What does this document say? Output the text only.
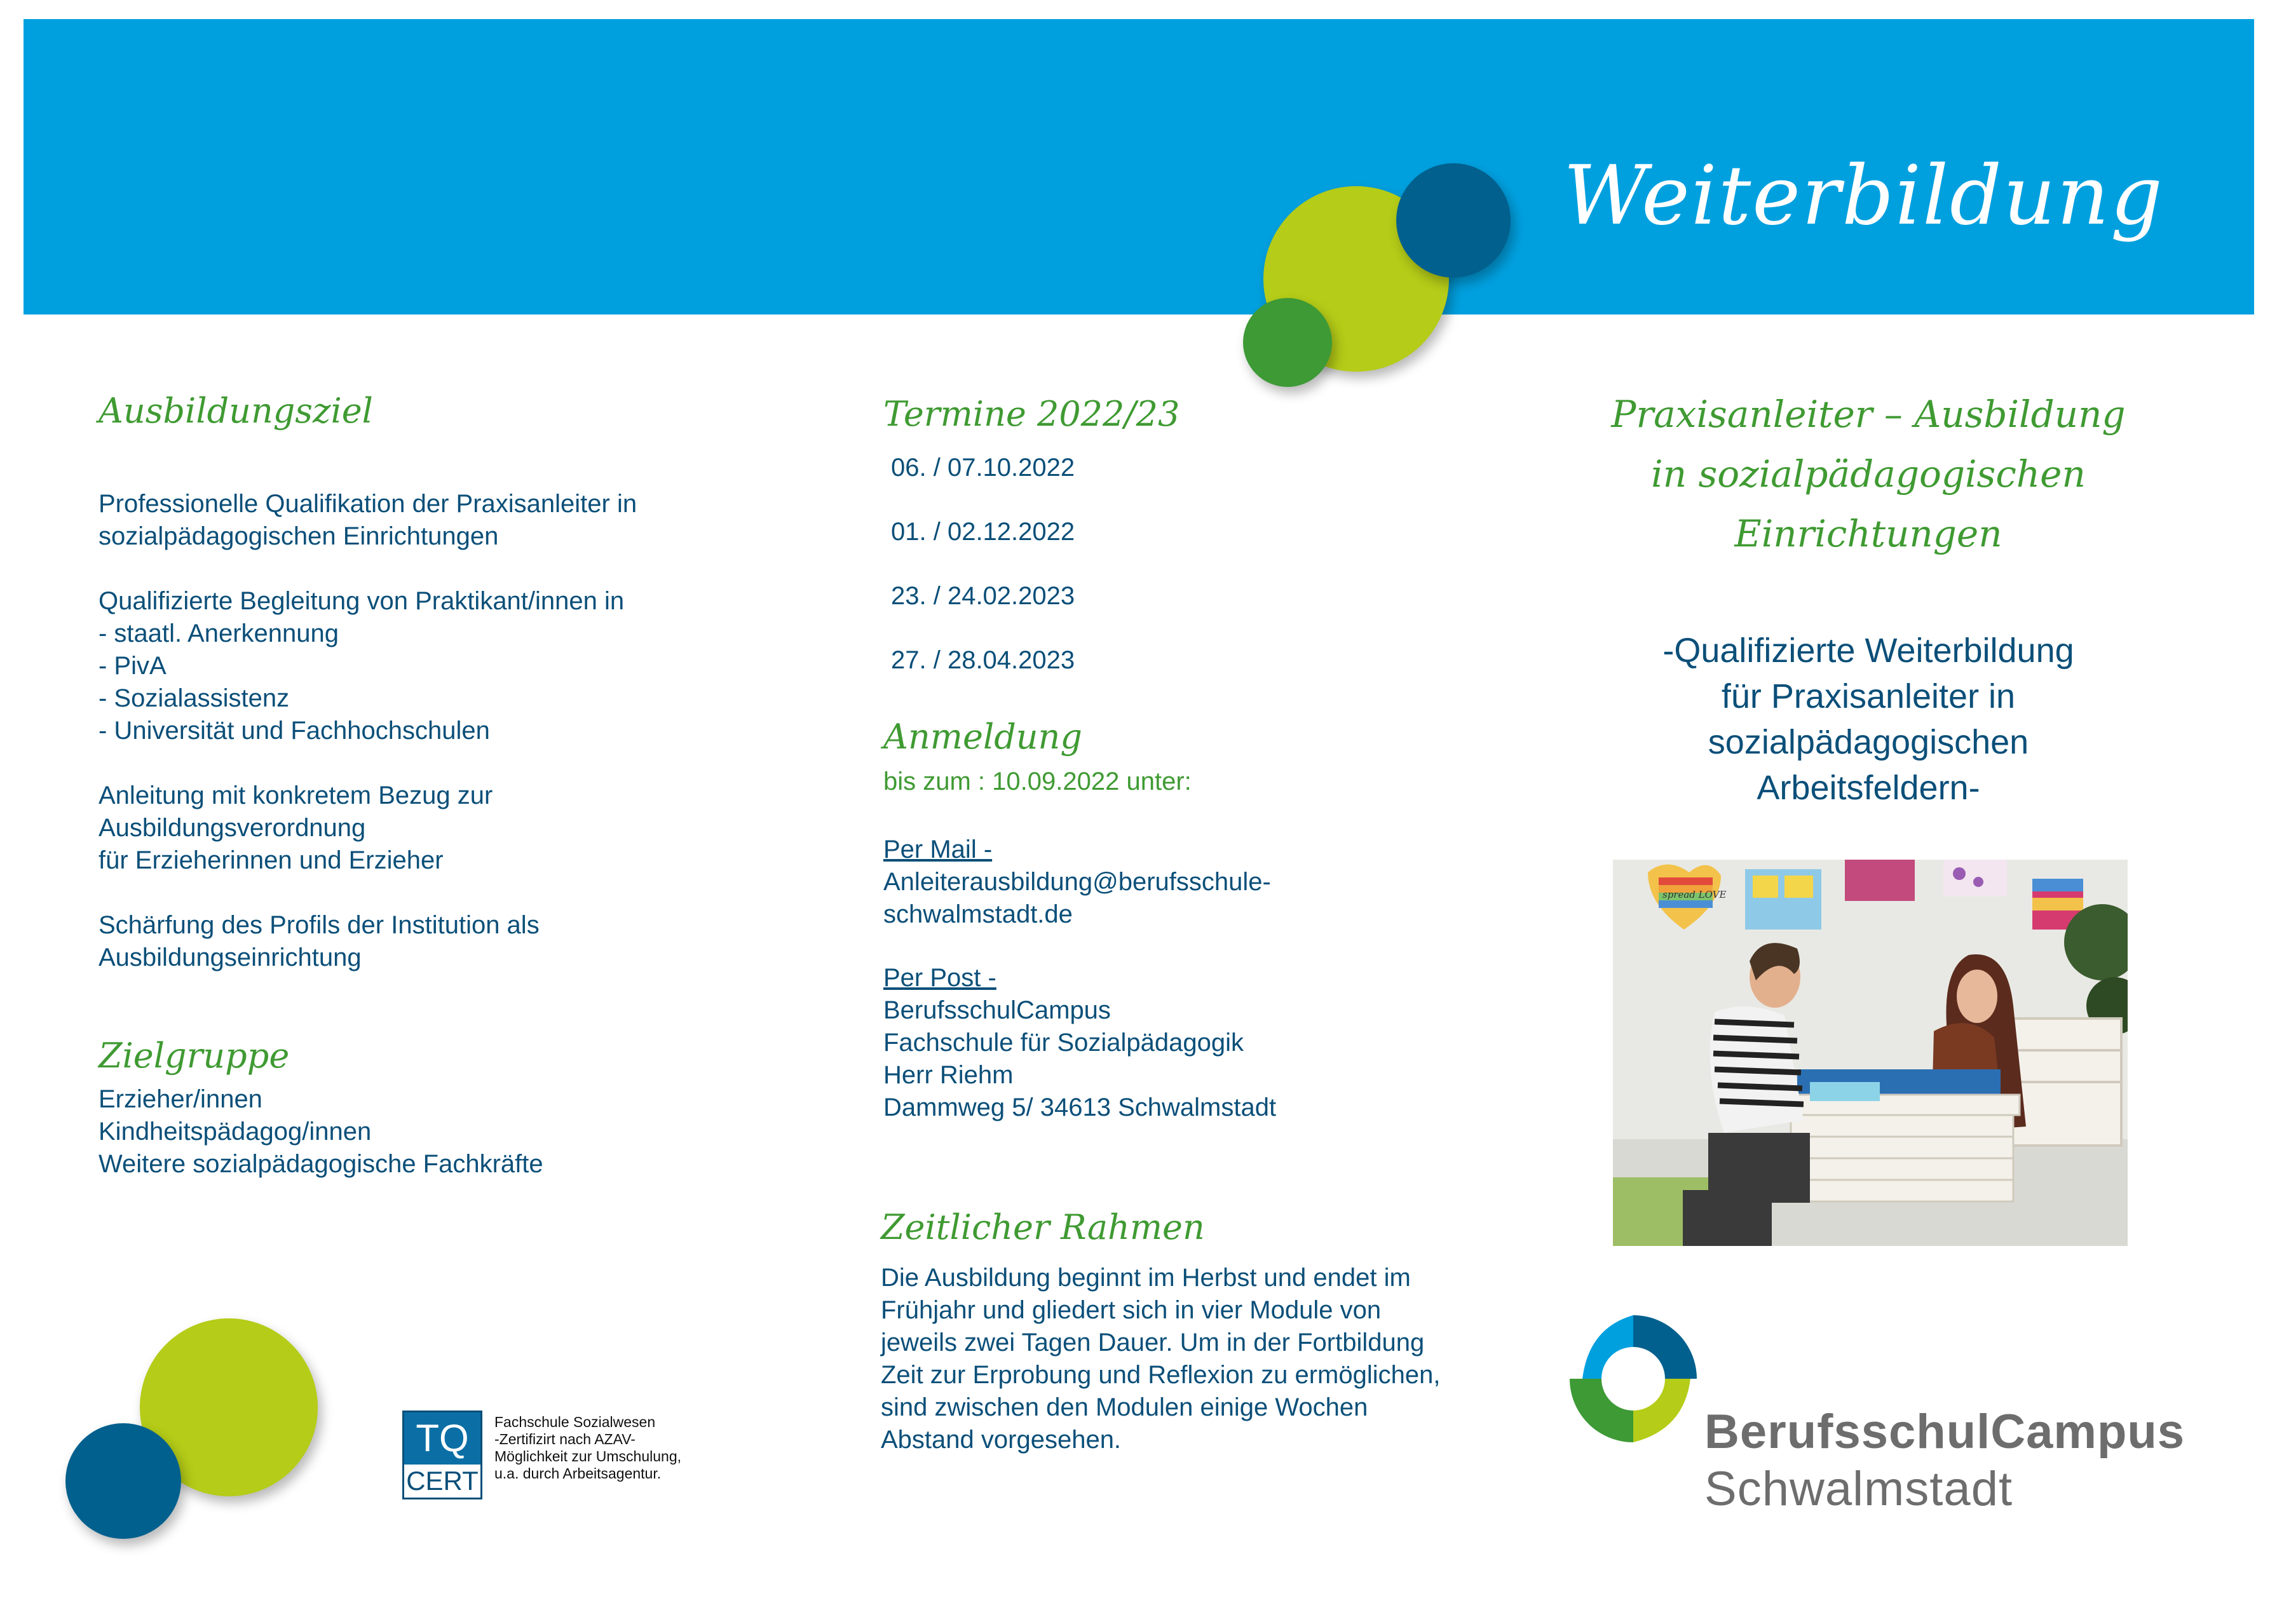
Weiterbildung
Ausbildungsziel
Professionelle Qualifikation der Praxisanleiter in
sozialpädagogischen Einrichtungen
Qualifizierte Begleitung von Praktikant/innen in
- staatl. Anerkennung
- PivA
- Sozialassistenz
- Universität und Fachhochschulen
Anleitung mit konkretem Bezug zur
Ausbildungsverordnung
für Erzieherinnen und Erzieher
Schärfung des Profils der Institution als
Ausbildungseinrichtung
Zielgruppe
Erzieher/innen
Kindheitspädagog/innen
Weitere sozialpädagogische Fachkräfte
TQ
CERT
Fachschule Sozialwesen
-Zertifizirt nach AZAV-
Möglichkeit zur Umschulung,
u.a. durch Arbeitsagentur.
Termine 2022/23
06. / 07.10.2022
01. / 02.12.2022
23. / 24.02.2023
27. / 28.04.2023
Anmeldung
bis zum : 10.09.2022 unter:
Per Mail -
Anleiterausbildung@berufsschule-
schwalmstadt.de
Per Post -
BerufsschulCampus
Fachschule für Sozialpädagogik
Herr Riehm
Dammweg 5/ 34613 Schwalmstadt
Zeitlicher Rahmen
Die Ausbildung beginnt im Herbst und endet im
Frühjahr und gliedert sich in vier Module von
jeweils zwei Tagen Dauer. Um in der Fortbildung
Zeit zur Erprobung und Reflexion zu ermöglichen,
sind zwischen den Modulen einige Wochen
Abstand vorgesehen.
Praxisanleiter – Ausbildung
in sozialpädagogischen
Einrichtungen
-Qualifizierte Weiterbildung
für Praxisanleiter in
sozialpädagogischen
Arbeitsfeldern-
spread LOVE
BerufsschulCampus
Schwalmstadt
